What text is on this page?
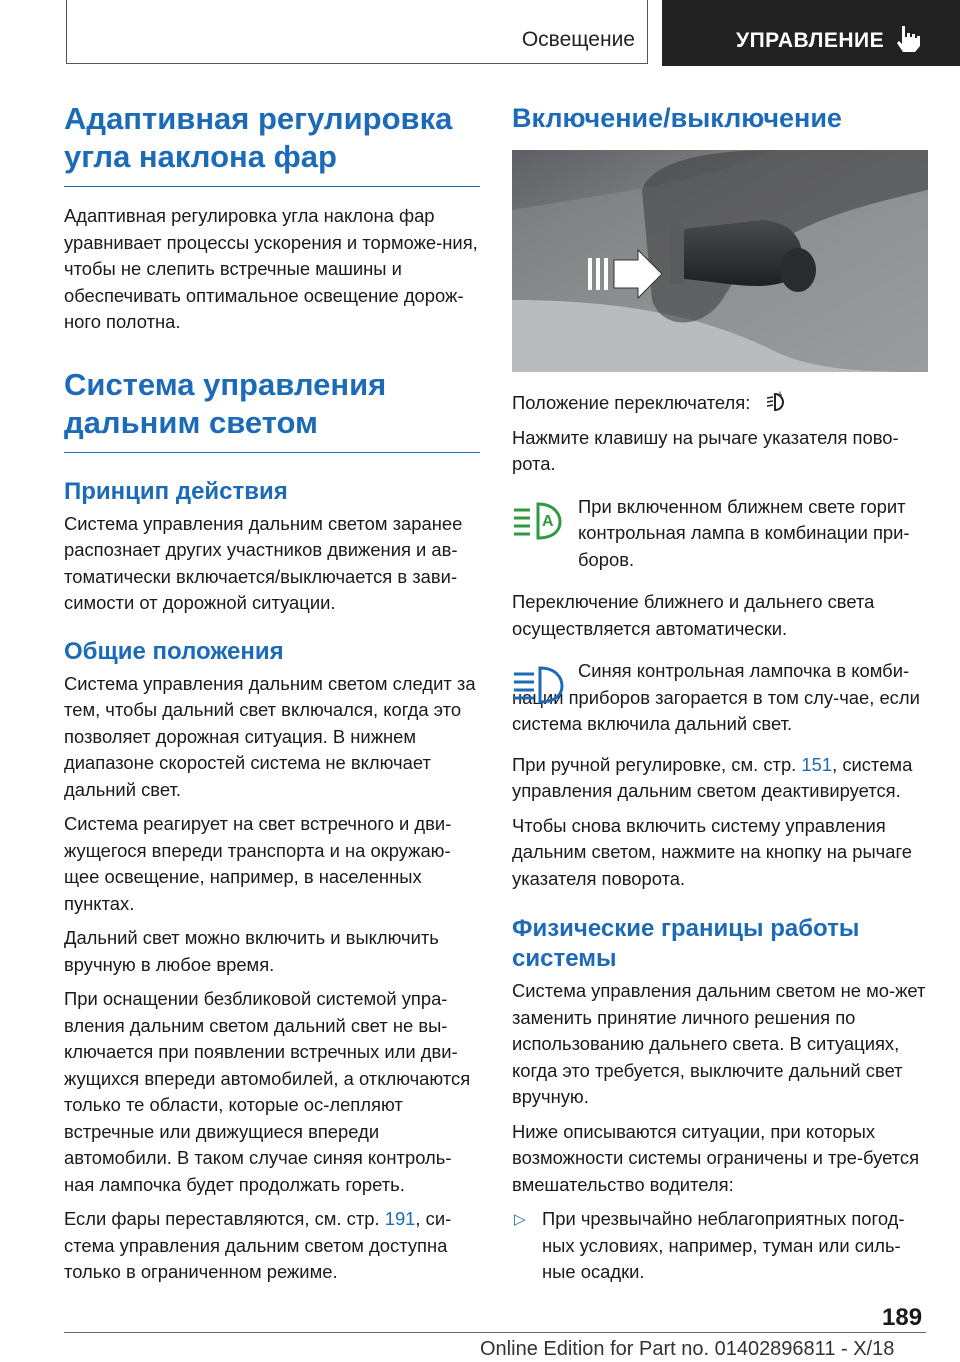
Освещение	УПРАВЛЕНИЕ
Адаптивная регулировка угла наклона фар

Адаптивная регулировка угла наклона фар уравнивает процессы ускорения и торможе-ния, чтобы не слепить встречные машины и обеспечивать оптимальное освещение дорож-ного полотна.

Система управления дальним светом
Принцип действия

Система управления дальним светом заранее распознает других участников движения и ав-томатически включается/выключается в зави-симости от дорожной ситуации.

Общие положения

Система управления дальним светом следит за тем, чтобы дальний свет включался, когда это позволяет дорожная ситуация. В нижнем диапазоне скоростей система не включает дальний свет.

Система реагирует на свет встречного и дви-жущегося впереди транспорта и на окружаю-щее освещение, например, в населенных пунктах.

Дальний свет можно включить и выключить вручную в любое время.

При оснащении безбликовой системой упра-вления дальним светом дальний свет не вы-ключается при появлении встречных или дви-жущихся впереди автомобилей, а отключаются только те области, которые ос-лепляют встречные или движущиеся впереди автомобили. В таком случае синяя контроль-ная лампочка будет продолжать гореть.

Если фары переставляются, см. стр. 191, си-стема управления дальним светом доступна только в ограниченном режиме.

Включение/выключение

Положение переключателя:	A

Нажмите клавишу на рычаге указателя пово-рота.

A

При включенном ближнем свете горит контрольная лампа в комбинации при-боров.

Переключение ближнего и дальнего света осуществляется автоматически.

Синяя контрольная лампочка в комби-нации приборов загорается в том слу-чае, если система включила дальний свет.

При ручной регулировке, см. стр. 151, система управления дальним светом деактивируется.

Чтобы снова включить систему управления дальним светом, нажмите на кнопку на рычаге указателя поворота.

Физические границы работы системы

Система управления дальним светом не мо-жет заменить принятие личного решения по использованию дальнего света. В ситуациях, когда это требуется, выключите дальний свет вручную.

Ниже описываются ситуации, при которых возможности системы ограничены и тре-буется вмешательство водителя:

▷ При чрезвычайно неблагоприятных погод-ных условиях, например, туман или силь-ные осадки.

189
Online Edition for Part no. 01402896811 - X/18
